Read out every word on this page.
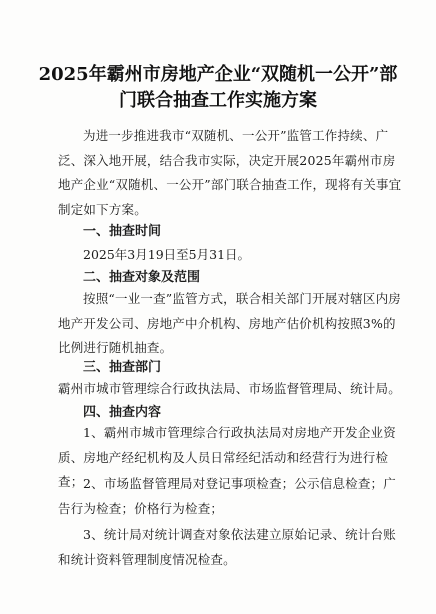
2025年霸州市房地产企业“双随机一公开”部门联合抽查工作实施方案
为进一步推进我市“双随机、一公开”监管工作持续、广泛、深入地开展，结合我市实际，决定开展2025年霸州市房地产企业“双随机、一公开”部门联合抽查工作，现将有关事宜制定如下方案。
一、抽查时间
2025年3月19日至5月31日。
二、抽查对象及范围
按照“一业一查”监管方式，联合相关部门开展对辖区内房地产开发公司、房地产中介机构、房地产估价机构按照3%的比例进行随机抽查。
三、抽查部门
霸州市城市管理综合行政执法局、市场监督管理局、统计局。
四、抽查内容
1、霸州市城市管理综合行政执法局对房地产开发企业资质、房地产经纪机构及人员日常经纪活动和经营行为进行检查； 2、市场监督管理局对登记事项检查；公示信息检查；广告行为检查；价格行为检查；
3、统计局对统计调查对象依法建立原始记录、统计台账和统计资料管理制度情况检查。
